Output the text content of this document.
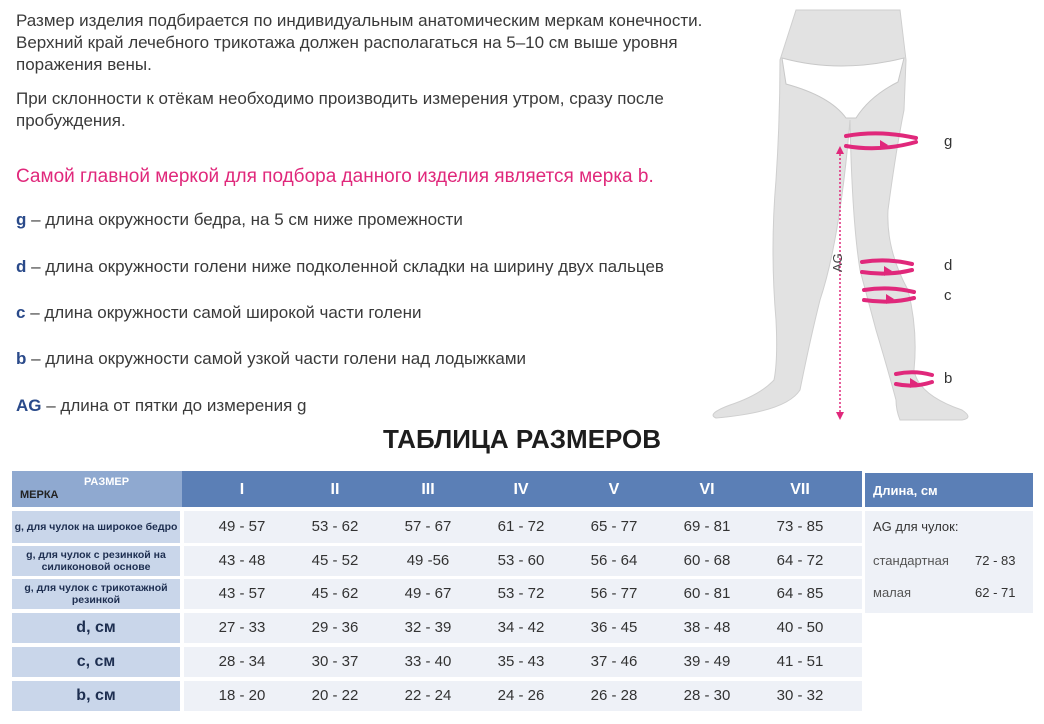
Размер изделия подбирается по индивидуальным анатомическим меркам конечности. Верхний край лечебного трикотажа должен располагаться на 5–10 см выше уровня поражения вены.

При склонности к отёкам необходимо производить измерения утром, сразу после пробуждения.

Самой главной меркой для подбора данного изделия является мерка b.
g – длина окружности бедра, на 5 см ниже промежности
d – длина окружности голени ниже подколенной складки на ширину двух пальцев
c – длина окружности самой широкой части голени
b – длина окружности самой узкой части голени над лодыжками
AG – длина от пятки до измерения g
AG
g
d
c
b
ТАБЛИЦА РАЗМЕРОВ
РАЗМЕР
МЕРКА	I	II	III	IV	V	VI	VII
g, для чулок на широкое бедро	49 - 57	53 - 62	57 - 67	61 - 72	65 - 77	69 - 81	73 - 85
g, для чулок с резинкой на силиконовой основе	43 - 48	45 - 52	49 -56	53 - 60	56 - 64	60 - 68	64 - 72
g, для чулок с трикотажной резинкой	43 - 57	45 - 62	49 - 67	53 - 72	56 - 77	60 - 81	64 - 85
d, см	27 - 33	29 - 36	32 - 39	34 - 42	36 - 45	38 - 48	40 - 50
c, см	28 - 34	30 - 37	33 - 40	35 - 43	37 - 46	39 - 49	41 - 51
b, см	18 - 20	20 - 22	22 - 24	24 - 26	26 - 28	28 - 30	30 - 32
Длина, см
AG для чулок:
стандартная 72 - 83
малая	62 - 71
